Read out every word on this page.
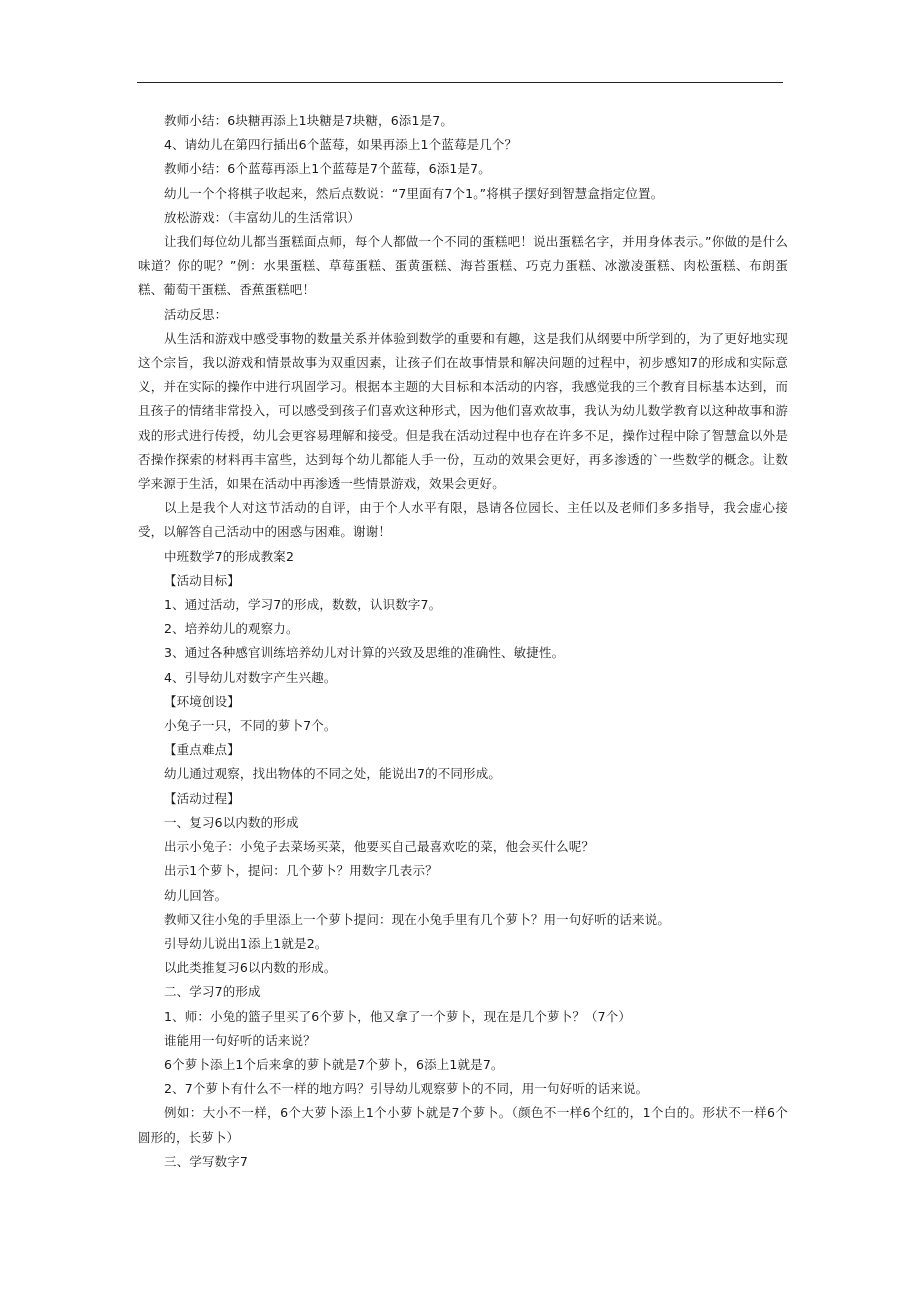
教师小结：6块糖再添上1块糖是7块糖，6添1是7。

4、请幼儿在第四行插出6个蓝莓，如果再添上1个蓝莓是几个？

教师小结：6个蓝莓再添上1个蓝莓是7个蓝莓，6添1是7。

幼儿一个个将棋子收起来，然后点数说：“7里面有7个1。”将棋子摆好到智慧盒指定位置。

放松游戏：（丰富幼儿的生活常识）

让我们每位幼儿都当蛋糕面点师，每个人都做一个不同的蛋糕吧！说出蛋糕名字，并用身体表示。”你做的是什么味道？你的呢？”例：水果蛋糕、草莓蛋糕、蛋黄蛋糕、海苔蛋糕、巧克力蛋糕、冰激凌蛋糕、肉松蛋糕、布朗蛋糕、葡萄干蛋糕、香蕉蛋糕吧！

活动反思：

从生活和游戏中感受事物的数量关系并体验到数学的重要和有趣，这是我们从纲要中所学到的，为了更好地实现这个宗旨，我以游戏和情景故事为双重因素，让孩子们在故事情景和解决问题的过程中，初步感知7的形成和实际意义，并在实际的操作中进行巩固学习。根据本主题的大目标和本活动的内容，我感觉我的三个教育目标基本达到，而且孩子的情绪非常投入，可以感受到孩子们喜欢这种形式，因为他们喜欢故事，我认为幼儿数学教育以这种故事和游戏的形式进行传授，幼儿会更容易理解和接受。但是我在活动过程中也存在许多不足，操作过程中除了智慧盒以外是否操作探索的材料再丰富些，达到每个幼儿都能人手一份，互动的效果会更好，再多渗透的`一些数学的概念。让数学来源于生活，如果在活动中再渗透一些情景游戏，效果会更好。

以上是我个人对这节活动的自评，由于个人水平有限，恳请各位园长、主任以及老师们多多指导，我会虚心接受，以解答自己活动中的困惑与困难。谢谢！

中班数学7的形成教案2

【活动目标】

1、通过活动，学习7的形成，数数，认识数字7。

2、培养幼儿的观察力。

3、通过各种感官训练培养幼儿对计算的兴致及思维的准确性、敏捷性。

4、引导幼儿对数字产生兴趣。

【环境创设】

小兔子一只，不同的萝卜7个。

【重点难点】

幼儿通过观察，找出物体的不同之处，能说出7的不同形成。

【活动过程】

一、复习6以内数的形成

出示小兔子：小兔子去菜场买菜，他要买自己最喜欢吃的菜，他会买什么呢？

出示1个萝卜，提问：几个萝卜？用数字几表示？

幼儿回答。

教师又往小兔的手里添上一个萝卜提问：现在小兔手里有几个萝卜？用一句好听的话来说。

引导幼儿说出1添上1就是2。

以此类推复习6以内数的形成。

二、学习7的形成

1、师：小兔的篮子里买了6个萝卜，他又拿了一个萝卜，现在是几个萝卜？（7个）

谁能用一句好听的话来说？

6个萝卜添上1个后来拿的萝卜就是7个萝卜，6添上1就是7。

2、7个萝卜有什么不一样的地方吗？引导幼儿观察萝卜的不同，用一句好听的话来说。

例如：大小不一样，6个大萝卜添上1个小萝卜就是7个萝卜。（颜色不一样6个红的，1个白的。形状不一样6个圆形的，长萝卜）

三、学写数字7
